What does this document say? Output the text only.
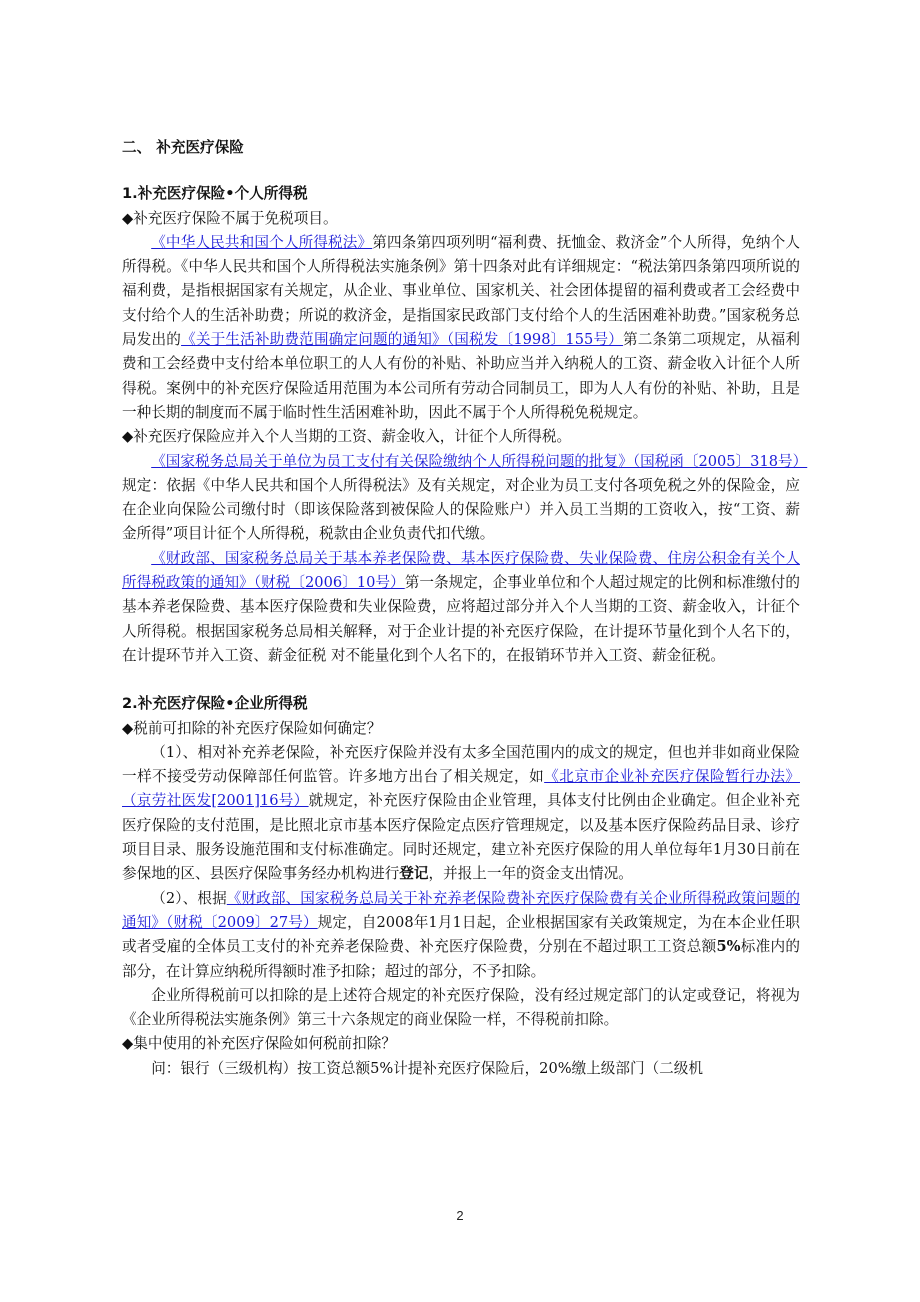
二、 补充医疗保险

1.补充医疗保险•个人所得税

◆补充医疗保险不属于免税项目。

《中华人民共和国个人所得税法》第四条第四项列明“福利费、抚恤金、救济金”个人所得，免纳个人所得税。《中华人民共和国个人所得税法实施条例》第十四条对此有详细规定：“税法第四条第四项所说的福利费，是指根据国家有关规定，从企业、事业单位、国家机关、社会团体提留的福利费或者工会经费中支付给个人的生活补助费；所说的救济金，是指国家民政部门支付给个人的生活困难补助费。”国家税务总局发出的《关于生活补助费范围确定问题的通知》（国税发〔1998〕155号）第二条第二项规定，从福利费和工会经费中支付给本单位职工的人人有份的补贴、补助应当并入纳税人的工资、薪金收入计征个人所得税。案例中的补充医疗保险适用范围为本公司所有劳动合同制员工，即为人人有份的补贴、补助，且是一种长期的制度而不属于临时性生活困难补助，因此不属于个人所得税免税规定。

◆补充医疗保险应并入个人当期的工资、薪金收入，计征个人所得税。

《国家税务总局关于单位为员工支付有关保险缴纳个人所得税问题的批复》（国税函〔2005〕318号）规定：依据《中华人民共和国个人所得税法》及有关规定，对企业为员工支付各项免税之外的保险金，应在企业向保险公司缴付时（即该保险落到被保险人的保险账户）并入员工当期的工资收入，按“工资、薪金所得”项目计征个人所得税，税款由企业负责代扣代缴。

《财政部、国家税务总局关于基本养老保险费、基本医疗保险费、失业保险费、住房公积金有关个人所得税政策的通知》（财税〔2006〕10号）第一条规定，企事业单位和个人超过规定的比例和标准缴付的基本养老保险费、基本医疗保险费和失业保险费，应将超过部分并入个人当期的工资、薪金收入，计征个人所得税。根据国家税务总局相关解释，对于企业计提的补充医疗保险，在计提环节量化到个人名下的，在计提环节并入工资、薪金征税 对不能量化到个人名下的，在报销环节并入工资、薪金征税。

2.补充医疗保险•企业所得税

◆税前可扣除的补充医疗保险如何确定？

（1）、相对补充养老保险，补充医疗保险并没有太多全国范围内的成文的规定，但也并非如商业保险一样不接受劳动保障部任何监管。许多地方出台了相关规定，如《北京市企业补充医疗保险暂行办法》（京劳社医发[2001]16号）就规定，补充医疗保险由企业管理，具体支付比例由企业确定。但企业补充医疗保险的支付范围，是比照北京市基本医疗保险定点医疗管理规定，以及基本医疗保险药品目录、诊疗项目目录、服务设施范围和支付标准确定。同时还规定，建立补充医疗保险的用人单位每年1月30日前在参保地的区、县医疗保险事务经办机构进行登记，并报上一年的资金支出情况。

（2）、根据《财政部、国家税务总局关于补充养老保险费补充医疗保险费有关企业所得税政策问题的通知》（财税〔2009〕27号）规定，自2008年1月1日起，企业根据国家有关政策规定，为在本企业任职或者受雇的全体员工支付的补充养老保险费、补充医疗保险费，分别在不超过职工工资总额5%标准内的部分，在计算应纳税所得额时准予扣除；超过的部分，不予扣除。

企业所得税前可以扣除的是上述符合规定的补充医疗保险，没有经过规定部门的认定或登记，将视为《企业所得税法实施条例》第三十六条规定的商业保险一样，不得税前扣除。

◆集中使用的补充医疗保险如何税前扣除？

问：银行（三级机构）按工资总额5%计提补充医疗保险后，20%缴上级部门（二级机

2
